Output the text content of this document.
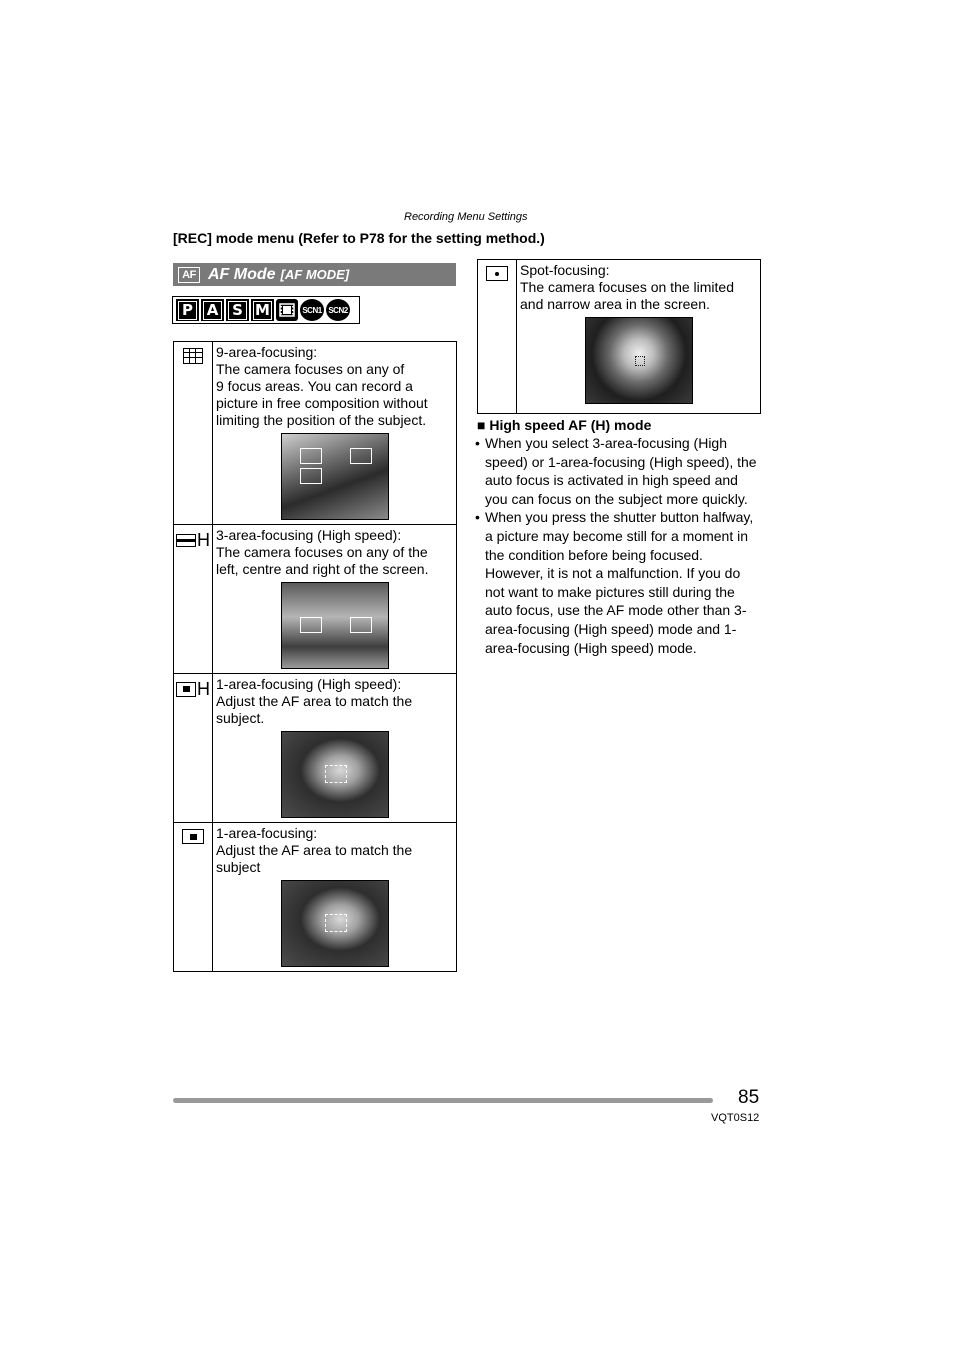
Recording Menu Settings
[REC] mode menu (Refer to P78 for the setting method.)
AF AF Mode [AF MODE]
P A S M	SCN1 SCN2

	9-area-focusing:
The camera focuses on any of
9 focus areas. You can record a
picture in free composition without
limiting the position of the subject.

H	3-area-focusing (High speed):
The camera focuses on any of the
left, centre and right of the screen.

H	1-area-focusing (High speed):
Adjust the AF area to match the
subject.

	1-area-focusing:
Adjust the AF area to match the
subject

Spot-focusing:
The camera focuses on the limited
and narrow area in the screen.
■ High speed AF (H) mode
• When you select 3-area-focusing (High speed) or 1-area-focusing (High speed), the auto focus is activated in high speed and you can focus on the subject more quickly.
• When you press the shutter button halfway, a picture may become still for a moment in the condition before being focused. However, it is not a malfunction. If you do not want to make pictures still during the auto focus, use the AF mode other than 3-area-focusing (High speed) mode and 1-area-focusing (High speed) mode.
85
VQT0S12
